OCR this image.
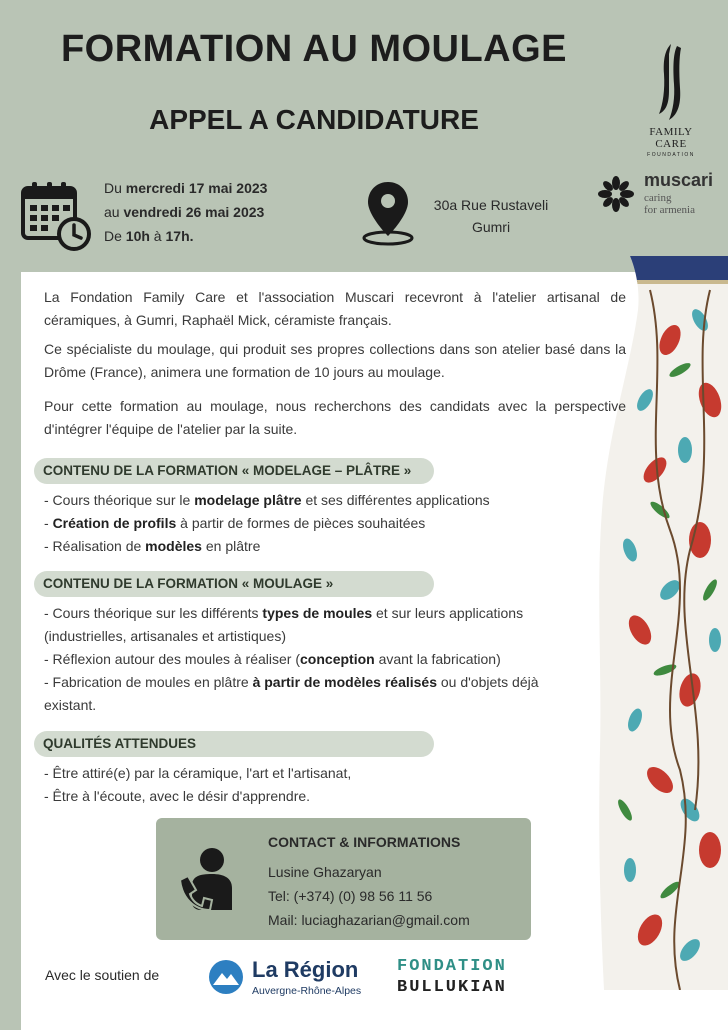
FORMATION AU MOULAGE
APPEL A CANDIDATURE	FAMILY
CARE
FOUNDATION
muscari
caring
for armenia
Du mercredi 17 mai 2023
au vendredi 26 mai 2023
De 10h à 17h.
30a Rue Rustaveli
Gumri
La Fondation Family Care et l'association Muscari recevront à l'atelier artisanal de céramiques, à Gumri, Raphaël Mick, céramiste français.
Ce spécialiste du moulage, qui produit ses propres collections dans son atelier basé dans la Drôme (France), animera une formation de 10 jours au moulage.
Pour cette formation au moulage, nous recherchons des candidats avec la perspective d'intégrer l'équipe de l'atelier par la suite.
CONTENU DE LA FORMATION « MODELAGE – PLÂTRE »
- Cours théorique sur le modelage plâtre et ses différentes applications
- Création de profils à partir de formes de pièces souhaitées
- Réalisation de modèles en plâtre
CONTENU DE LA FORMATION « MOULAGE »
- Cours théorique sur les différents types de moules et sur leurs applications (industrielles, artisanales et artistiques)
- Réflexion autour des moules à réaliser (conception avant la fabrication)
- Fabrication de moules en plâtre à partir de modèles réalisés ou d'objets déjà existant.
QUALITÉS ATTENDUES
- Être attiré(e) par la céramique, l'art et l'artisanat,
- Être à l'écoute, avec le désir d'apprendre.
CONTACT & INFORMATIONS
Lusine Ghazaryan
Tel: (+374) (0) 98 56 11 56
Mail: luciaghazarian@gmail.com
Avec le soutien de	La Région
Auvergne-Rhône-Alpes
FONDATION
BULLUKIAN
